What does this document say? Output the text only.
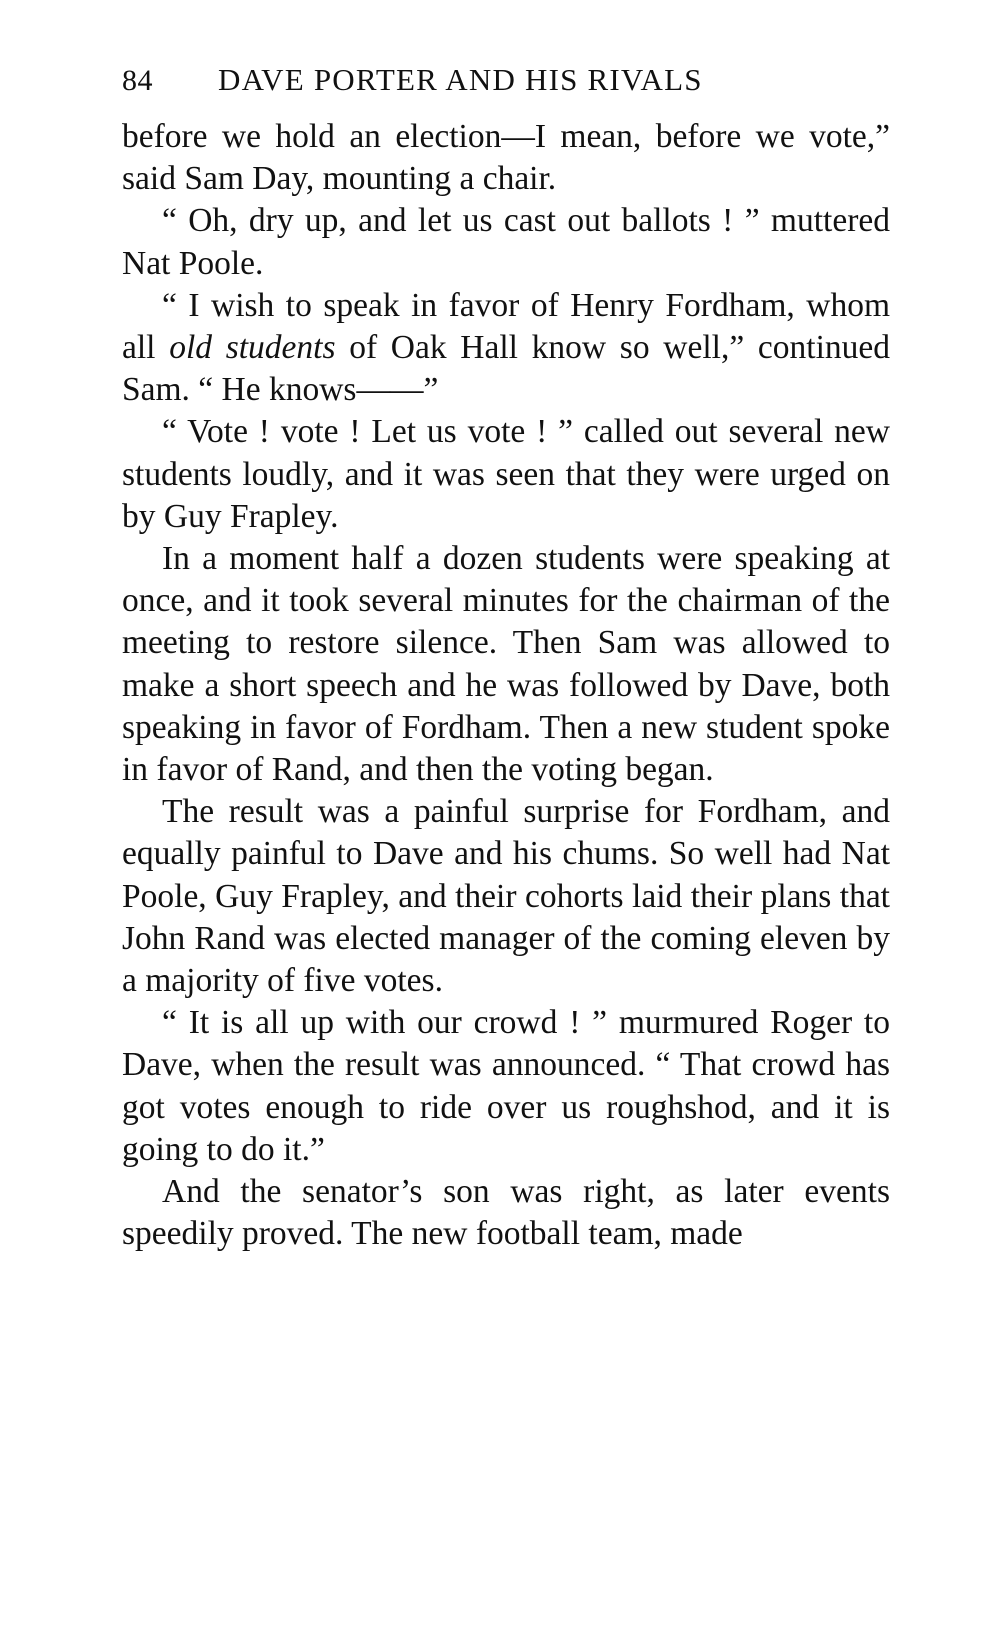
84	DAVE PORTER AND HIS RIVALS

before we hold an election—I mean, before we vote,” said Sam Day, mounting a chair.

“ Oh, dry up, and let us cast out ballots ! ” muttered Nat Poole.

“ I wish to speak in favor of Henry Fordham, whom all old students of Oak Hall know so well,” continued Sam. “ He knows——”

“ Vote ! vote ! Let us vote ! ” called out several new students loudly, and it was seen that they were urged on by Guy Frapley.

In a moment half a dozen students were speaking at once, and it took several minutes for the chairman of the meeting to restore silence. Then Sam was allowed to make a short speech and he was followed by Dave, both speaking in favor of Fordham. Then a new student spoke in favor of Rand, and then the voting began.

The result was a painful surprise for Fordham, and equally painful to Dave and his chums. So well had Nat Poole, Guy Frapley, and their cohorts laid their plans that John Rand was elected manager of the coming eleven by a majority of five votes.

“ It is all up with our crowd ! ” murmured Roger to Dave, when the result was announced. “ That crowd has got votes enough to ride over us roughshod, and it is going to do it.”

And the senator’s son was right, as later events speedily proved. The new football team, made
